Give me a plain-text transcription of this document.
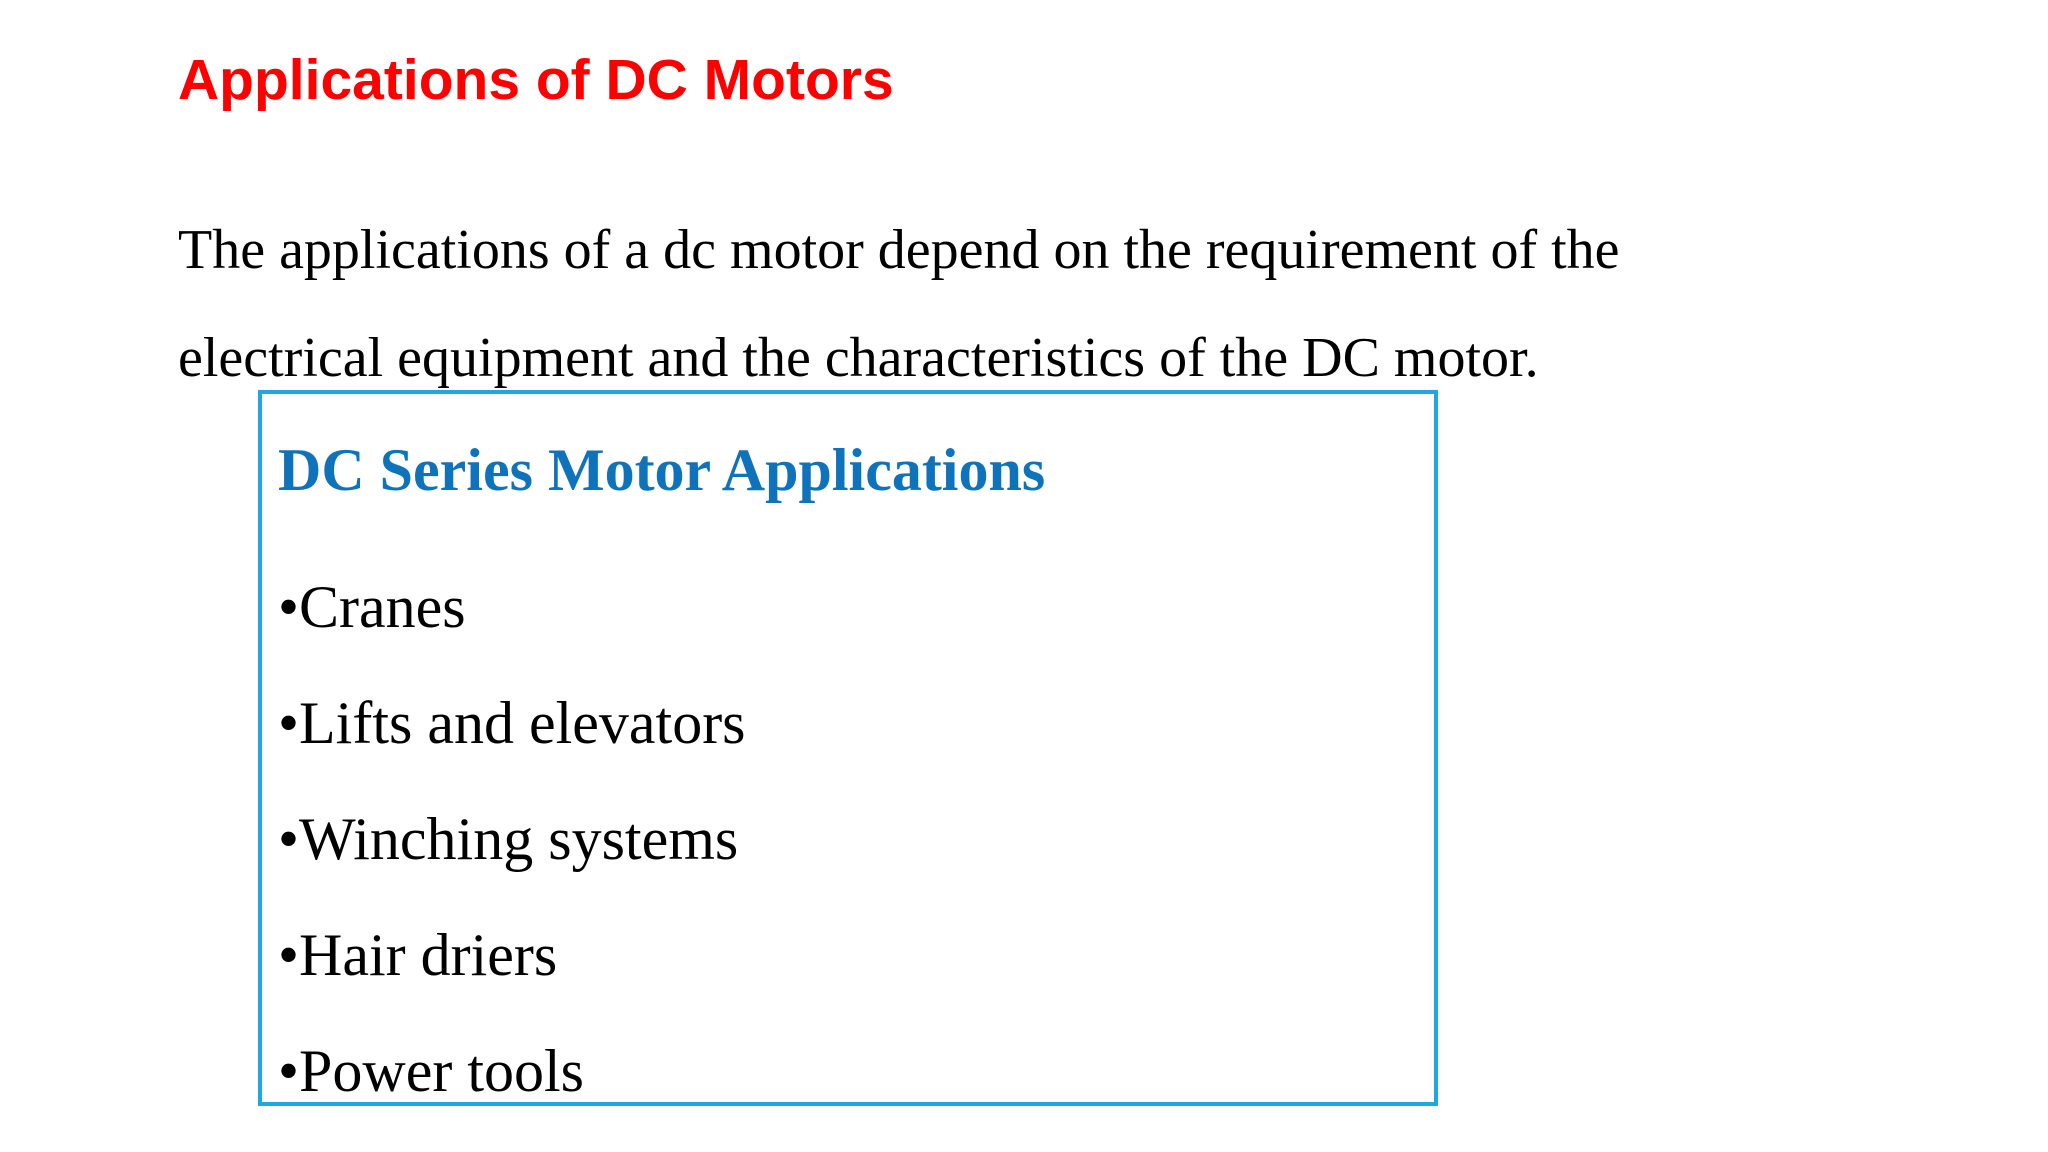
Applications of DC Motors

The applications of a dc motor depend on the requirement of the
electrical equipment and the characteristics of the DC motor.

DC Series Motor Applications
•Cranes
•Lifts and elevators
•Winching systems
•Hair driers
•Power tools
